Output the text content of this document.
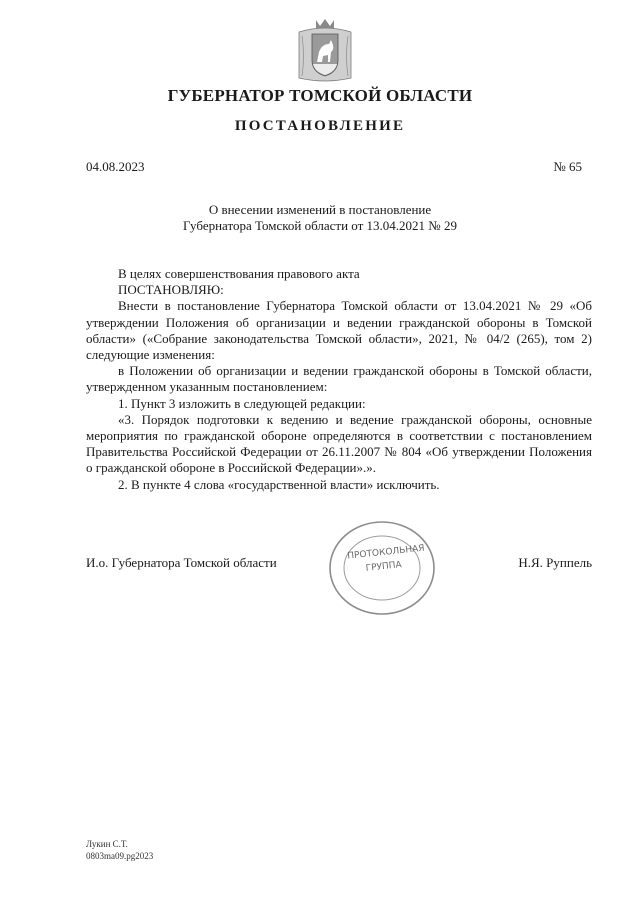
ГУБЕРНАТОР ТОМСКОЙ ОБЛАСТИ
ПОСТАНОВЛЕНИЕ
04.08.2023	№ 65
О внесении изменений в постановление
Губернатора Томской области от 13.04.2021 № 29

В целях совершенствования правового акта

ПОСТАНОВЛЯЮ:

Внести в постановление Губернатора Томской области от 13.04.2021 № 29 «Об утверждении Положения об организации и ведении гражданской обороны в Томской области» («Собрание законодательства Томской области», 2021, № 04/2 (265), том 2) следующие изменения:

в Положении об организации и ведении гражданской обороны в Томской области, утвержденном указанным постановлением:

1. Пункт 3 изложить в следующей редакции:

«3. Порядок подготовки к ведению и ведение гражданской обороны, основные мероприятия по гражданской обороне определяются в соответствии с постановлением Правительства Российской Федерации от 26.11.2007 № 804 «Об утверждении Положения о гражданской обороне в Российской Федерации».».

2. В пункте 4 слова «государственной власти» исключить.

И.о. Губернатора Томской области	Н.Я. Руппель
ПРОТОКОЛЬНАЯ
ГРУППА
Лукин С.Т.
0803ma09.pg2023
